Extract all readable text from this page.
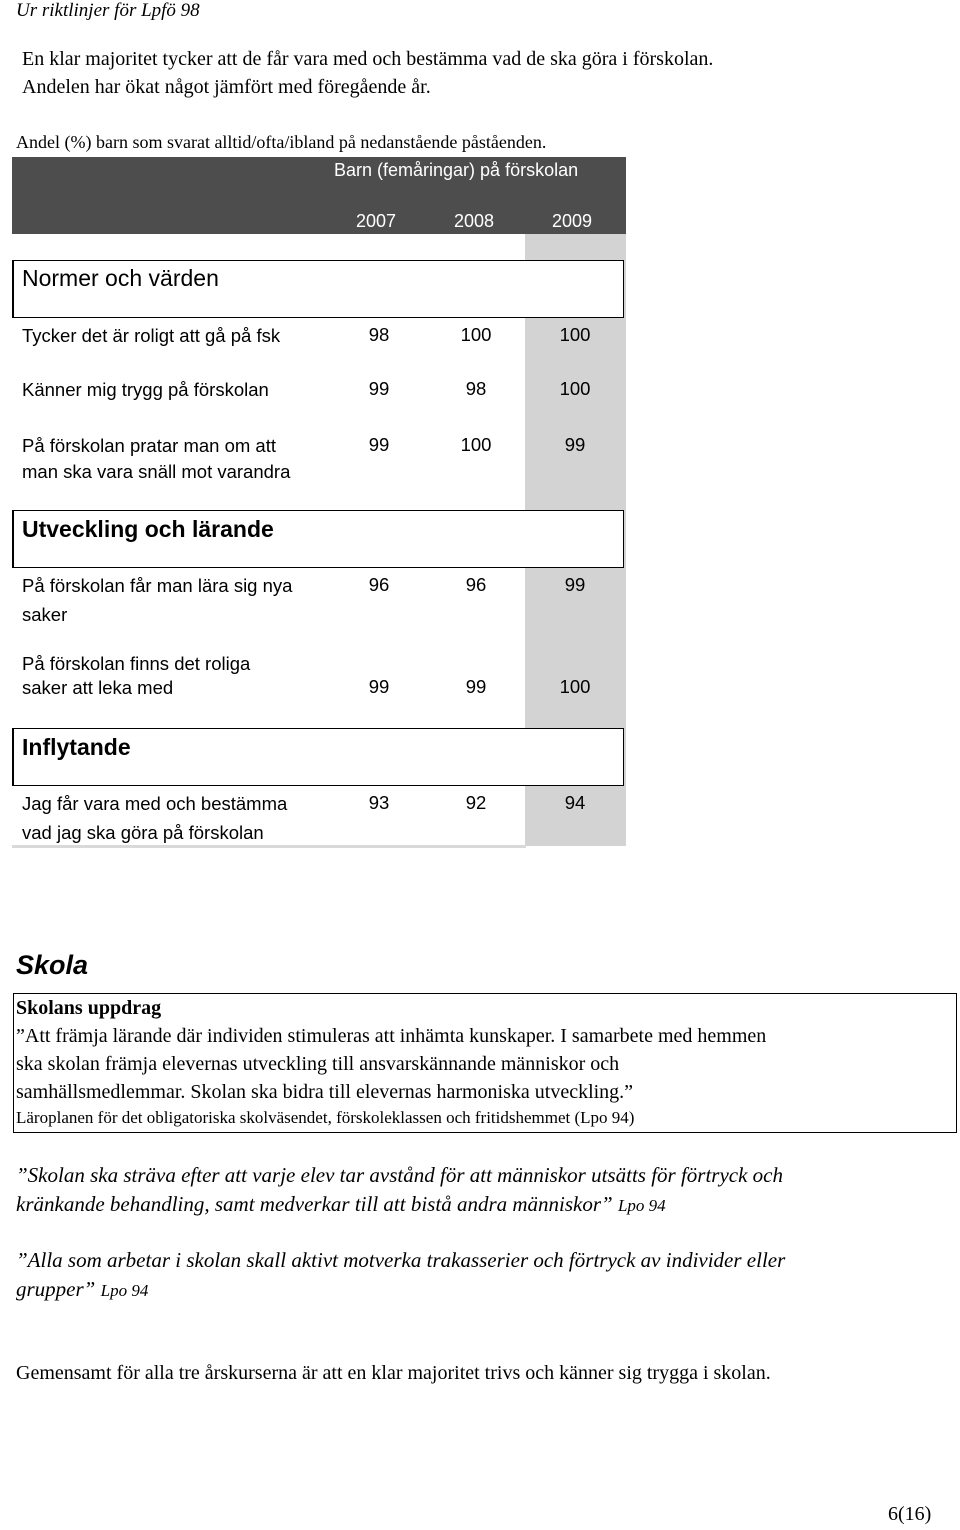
Ur riktlinjer för Lpfö 98
En klar majoritet tycker att de får vara med och bestämma vad de ska göra i förskolan.
Andelen har ökat något jämfört med föregående år.
Andel (%) barn som svarat alltid/ofta/ibland på nedanstående påståenden.
Barn (femåringar) på förskolan
2007	2008	2009
Normer och värden
Tycker det är roligt att gå på fsk	98	100	100
Känner mig trygg på förskolan	99	98	100
På förskolan pratar man om att
man ska vara snäll mot varandra
99	100	99
Utveckling och lärande
På förskolan får man lära sig nya
saker
96	96	99
På förskolan finns det roliga
saker att leka med	99	99	100
Inflytande
Jag får vara med och bestämma
vad jag ska göra på förskolan
93	92	94
Skola
Skolans uppdrag
”Att främja lärande där individen stimuleras att inhämta kunskaper. I samarbete med hemmen
ska skolan främja elevernas utveckling till ansvarskännande människor och
samhällsmedlemmar. Skolan ska bidra till elevernas harmoniska utveckling.”
Läroplanen för det obligatoriska skolväsendet, förskoleklassen och fritidshemmet (Lpo 94)
”Skolan ska sträva efter att varje elev tar avstånd för att människor utsätts för förtryck och
kränkande behandling, samt medverkar till att bistå andra människor” Lpo 94
”Alla som arbetar i skolan skall aktivt motverka trakasserier och förtryck av individer eller
grupper” Lpo 94
Gemensamt för alla tre årskurserna är att en klar majoritet trivs och känner sig trygga i skolan.
6(16)
